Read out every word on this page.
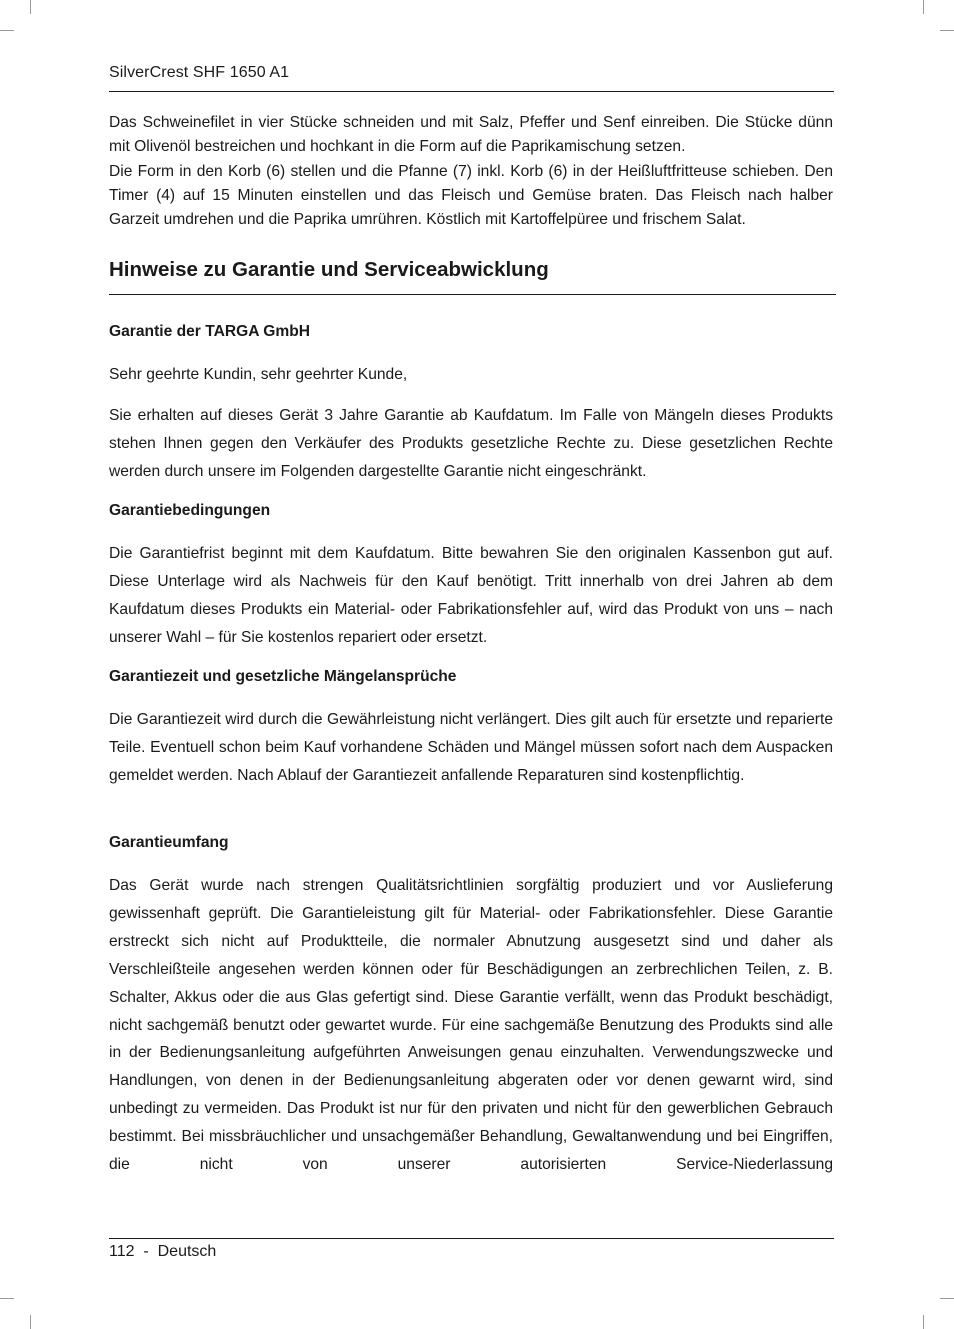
SilverCrest SHF 1650 A1

Das Schweinefilet in vier Stücke schneiden und mit Salz, Pfeffer und Senf einreiben. Die Stücke dünn mit Olivenöl bestreichen und hochkant in die Form auf die Paprikamischung setzen.

Die Form in den Korb (6) stellen und die Pfanne (7) inkl. Korb (6) in der Heißluftfritteuse schieben. Den Timer (4) auf 15 Minuten einstellen und das Fleisch und Gemüse braten. Das Fleisch nach halber Garzeit umdrehen und die Paprika umrühren. Köstlich mit Kartoffelpüree und frischem Salat.

Hinweise zu Garantie und Serviceabwicklung
Garantie der TARGA GmbH
Sehr geehrte Kundin, sehr geehrter Kunde,
Sie erhalten auf dieses Gerät 3 Jahre Garantie ab Kaufdatum. Im Falle von Mängeln dieses Produkts stehen Ihnen gegen den Verkäufer des Produkts gesetzliche Rechte zu. Diese gesetzlichen Rechte werden durch unsere im Folgenden dargestellte Garantie nicht eingeschränkt.
Garantiebedingungen
Die Garantiefrist beginnt mit dem Kaufdatum. Bitte bewahren Sie den originalen Kassenbon gut auf. Diese Unterlage wird als Nachweis für den Kauf benötigt. Tritt innerhalb von drei Jahren ab dem Kaufdatum dieses Produkts ein Material- oder Fabrikationsfehler auf, wird das Produkt von uns – nach unserer Wahl – für Sie kostenlos repariert oder ersetzt.
Garantiezeit und gesetzliche Mängelansprüche
Die Garantiezeit wird durch die Gewährleistung nicht verlängert. Dies gilt auch für ersetzte und reparierte Teile. Eventuell schon beim Kauf vorhandene Schäden und Mängel müssen sofort nach dem Auspacken gemeldet werden. Nach Ablauf der Garantiezeit anfallende Reparaturen sind kostenpflichtig.
Garantieumfang
Das Gerät wurde nach strengen Qualitätsrichtlinien sorgfältig produziert und vor Auslieferung gewissenhaft geprüft. Die Garantieleistung gilt für Material- oder Fabrikationsfehler. Diese Garantie erstreckt sich nicht auf Produktteile, die normaler Abnutzung ausgesetzt sind und daher als Verschleißteile angesehen werden können oder für Beschädigungen an zerbrechlichen Teilen, z. B. Schalter, Akkus oder die aus Glas gefertigt sind. Diese Garantie verfällt, wenn das Produkt beschädigt, nicht sachgemäß benutzt oder gewartet wurde. Für eine sachgemäße Benutzung des Produkts sind alle in der Bedienungsanleitung aufgeführten Anweisungen genau einzuhalten. Verwendungszwecke und Handlungen, von denen in der Bedienungsanleitung abgeraten oder vor denen gewarnt wird, sind unbedingt zu vermeiden. Das Produkt ist nur für den privaten und nicht für den gewerblichen Gebrauch bestimmt. Bei missbräuchlicher und unsachgemäßer Behandlung, Gewaltanwendung und bei Eingriffen, die nicht von unserer autorisierten Service-Niederlassung
112  -  Deutsch
